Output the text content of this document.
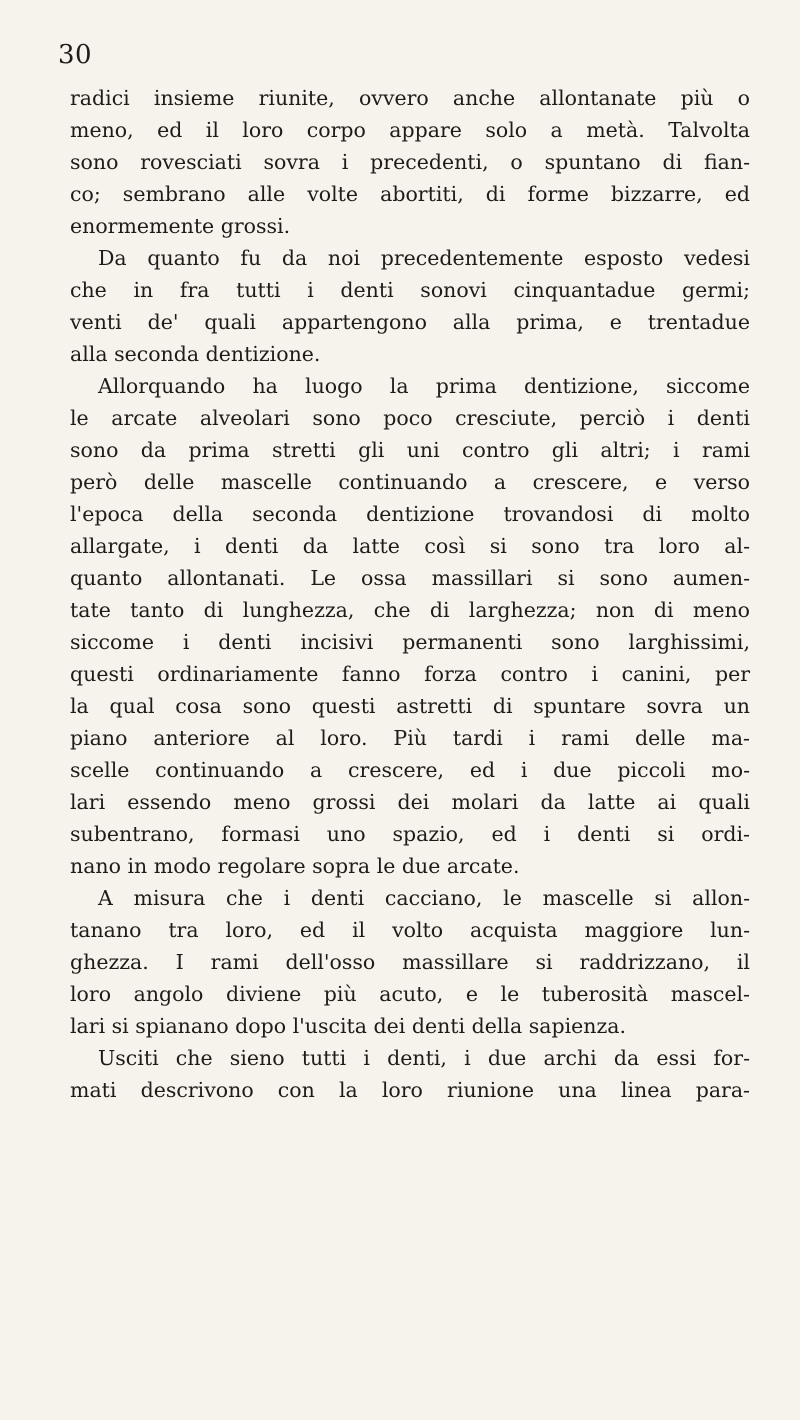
30
radici insieme riunite, ovvero anche allontanate più o
meno, ed il loro corpo appare solo a metà. Talvolta
sono rovesciati sovra i precedenti, o spuntano di fian-
co; sembrano alle volte abortiti, di forme bizzarre, ed
enormemente grossi.
Da quanto fu da noi precedentemente esposto vedesi
che in fra tutti i denti sonovi cinquantadue germi;
venti de' quali appartengono alla prima, e trentadue
alla seconda dentizione.
Allorquando ha luogo la prima dentizione, siccome
le arcate alveolari sono poco cresciute, perciò i denti
sono da prima stretti gli uni contro gli altri; i rami
però delle mascelle continuando a crescere, e verso
l'epoca della seconda dentizione trovandosi di molto
allargate, i denti da latte così si sono tra loro al-
quanto allontanati. Le ossa massillari si sono aumen-
tate tanto di lunghezza, che di larghezza; non di meno
siccome i denti incisivi permanenti sono larghissimi,
questi ordinariamente fanno forza contro i canini, per
la qual cosa sono questi astretti di spuntare sovra un
piano anteriore al loro. Più tardi i rami delle ma-
scelle continuando a crescere, ed i due piccoli mo-
lari essendo meno grossi dei molari da latte ai quali
subentrano, formasi uno spazio, ed i denti si ordi-
nano in modo regolare sopra le due arcate.
A misura che i denti cacciano, le mascelle si allon-
tanano tra loro, ed il volto acquista maggiore lun-
ghezza. I rami dell'osso massillare si raddrizzano, il
loro angolo diviene più acuto, e le tuberosità mascel-
lari si spianano dopo l'uscita dei denti della sapienza.
Usciti che sieno tutti i denti, i due archi da essi for-
mati descrivono con la loro riunione una linea para-
